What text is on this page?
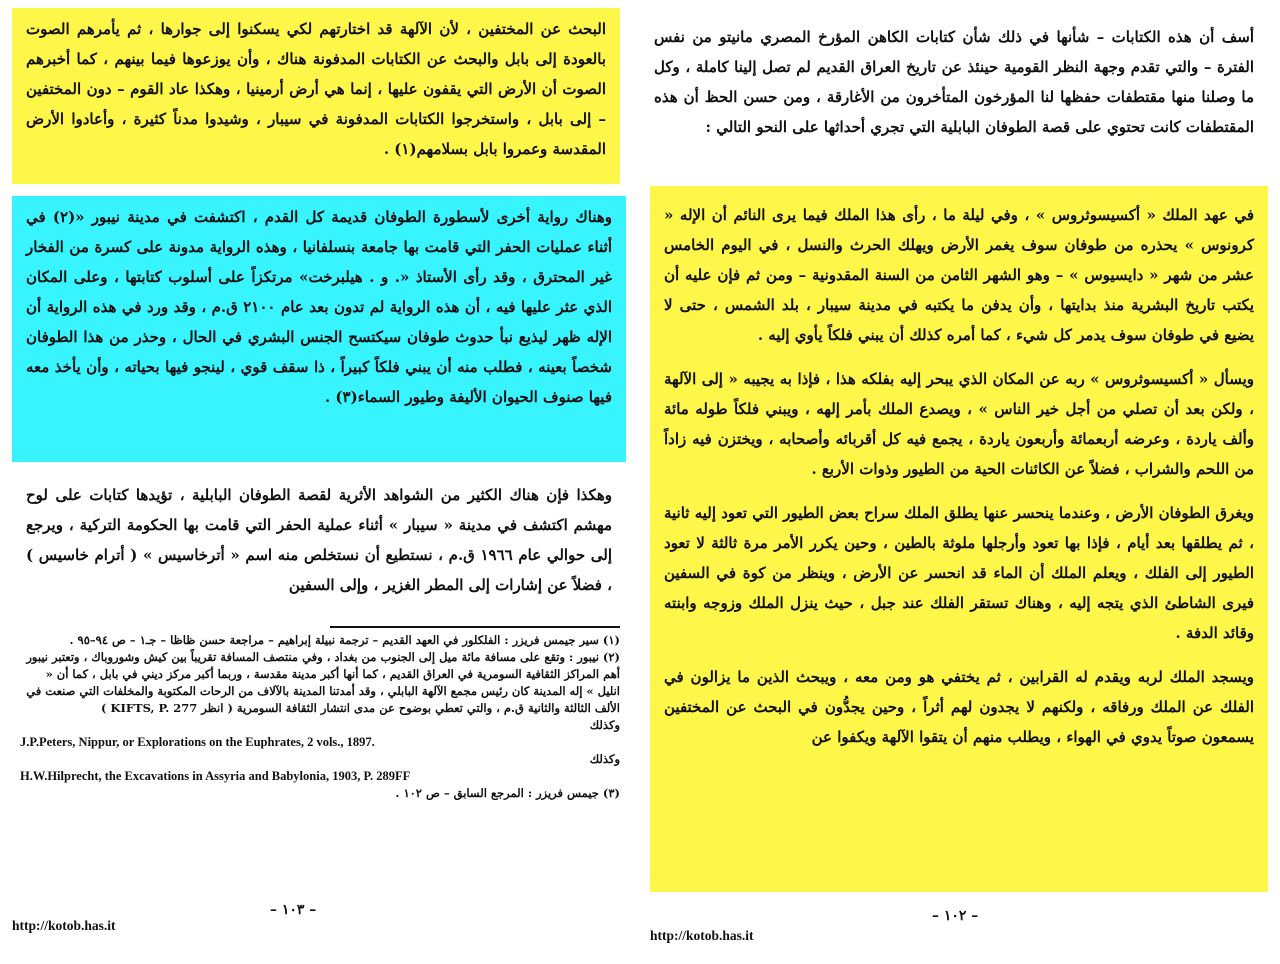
البحث عن المختفين ، لأن الآلهة قد اختارتهم لكي يسكنوا إلى جوارها ، ثم يأمرهم الصوت بالعودة إلى بابل والبحث عن الكتابات المدفونة هناك ، وأن يوزعوها فيما بينهم ، كما أخبرهم الصوت أن الأرض التي يقفون عليها ، إنما هي أرض أرمينيا ، وهكذا عاد القوم – دون المختفين – إلى بابل ، واستخرجوا الكتابات المدفونة في سيبار ، وشيدوا مدناً كثيرة ، وأعادوا الأرض المقدسة وعمروا بابل بسلامهم(١) .

وهناك رواية أخرى لأسطورة الطوفان قديمة كل القدم ، اكتشفت في مدينة نيبور «(٢) في أثناء عمليات الحفر التي قامت بها جامعة بنسلفانيا ، وهذه الرواية مدونة على كسرة من الفخار غير المحترق ، وقد رأى الأستاذ «. و . هيلبرخت» مرتكزاً على أسلوب كتابتها ، وعلى المكان الذي عثر عليها فيه ، أن هذه الرواية لم تدون بعد عام ٢١٠٠ ق.م ، وقد ورد في هذه الرواية أن الإله ظهر ليذيع نبأ حدوث طوفان سيكتسح الجنس البشري في الحال ، وحذر من هذا الطوفان شخصاً بعينه ، فطلب منه أن يبني فلكاً كبيراً ، ذا سقف قوي ، لينجو فيها بحياته ، وأن يأخذ معه فيها صنوف الحيوان الأليفة وطيور السماء(٣) .

وهكذا فإن هناك الكثير من الشواهد الأثرية لقصة الطوفان البابلية ، تؤيدها كتابات على لوح مهشم اكتشف في مدينة « سيبار » أثناء عملية الحفر التي قامت بها الحكومة التركية ، ويرجع إلى حوالي عام ١٩٦٦ ق.م ، نستطيع أن نستخلص منه اسم « أترخاسيس » ( أترام خاسيس ) ، فضلاً عن إشارات إلى المطر الغزير ، وإلى السفين

(١) سير جيمس فريزر : الفلكلور في العهد القديم – ترجمة نبيلة إبراهيم – مراجعة حسن ظاظا – جـ١ – ص ٩٤–٩٥ .

(٢) نيبور : وتقع على مسافة مائة ميل إلى الجنوب من بغداد ، وفي منتصف المسافة تقريباً بين كيش وشوروباك ، وتعتبر نيبور أهم المراكز الثقافية السومرية في العراق القديم ، كما أنها أكبر مدينة مقدسة ، وربما أكبر مركز ديني في بابل ، كما أن « انليل » إله المدينة كان رئيس مجمع الآلهة البابلي ، وقد أمدتنا المدينة بالآلاف من الرحات المكتوبة والمخلفات التي صنعت في الألف الثالثة والثانية ق.م ، والتي تعطي بوضوح عن مدى انتشار الثقافة السومرية ( انظر KIFTS, P. 277 )

وكذلك
J.P.Peters, Nippur, or Explorations on the Euphrates, 2 vols., 1897.

وكذلك
H.W.Hilprecht, the Excavations in Assyria and Babylonia, 1903, P. 289FF

(٣) جيمس فريزر : المرجع السابق – ص ١٠٢ .

– ١٠٣ –
http://kotob.has.it

أسف أن هذه الكتابات – شأنها في ذلك شأن كتابات الكاهن المؤرخ المصري مانيتو من نفس الفترة – والتي تقدم وجهة النظر القومية حينئذ عن تاريخ العراق القديم لم تصل إلينا كاملة ، وكل ما وصلنا منها مقتطفات حفظها لنا المؤرخون المتأخرون من الأغارقة ، ومن حسن الحظ أن هذه المقتطفات كانت تحتوي على قصة الطوفان البابلية التي تجري أحداثها على النحو التالي :

في عهد الملك « أكسيسوثروس » ، وفي ليلة ما ، رأى هذا الملك فيما يرى النائم أن الإله « كرونوس » يحذره من طوفان سوف يغمر الأرض ويهلك الحرث والنسل ، في اليوم الخامس عشر من شهر « دايسيوس » – وهو الشهر الثامن من السنة المقدونية – ومن ثم فإن عليه أن يكتب تاريخ البشرية منذ بدايتها ، وأن يدفن ما يكتبه في مدينة سيبار ، بلد الشمس ، حتى لا يضيع في طوفان سوف يدمر كل شيء ، كما أمره كذلك أن يبني فلكاً يأوي إليه .

ويسأل « أكسيسوثروس » ربه عن المكان الذي يبحر إليه بفلكه هذا ، فإذا به يجيبه « إلى الآلهة ، ولكن بعد أن تصلي من أجل خير الناس » ، ويصدع الملك بأمر إلهه ، ويبني فلكاً طوله مائة وألف ياردة ، وعرضه أربعمائة وأربعون ياردة ، يجمع فيه كل أقربائه وأصحابه ، ويختزن فيه زاداً من اللحم والشراب ، فضلاً عن الكائنات الحية من الطيور وذوات الأربع .

ويغرق الطوفان الأرض ، وعندما ينحسر عنها يطلق الملك سراح بعض الطيور التي تعود إليه ثانية ، ثم يطلقها بعد أيام ، فإذا بها تعود وأرجلها ملوثة بالطين ، وحين يكرر الأمر مرة ثالثة لا تعود الطيور إلى الفلك ، ويعلم الملك أن الماء قد انحسر عن الأرض ، وينظر من كوة في السفين فيرى الشاطئ الذي يتجه إليه ، وهناك تستقر الفلك عند جبل ، حيث ينزل الملك وزوجه وابنته وقائد الدفة .

ويسجد الملك لربه ويقدم له القرابين ، ثم يختفي هو ومن معه ، ويبحث الذين ما يزالون في الفلك عن الملك ورفاقه ، ولكنهم لا يجدون لهم أثراً ، وحين يجدُّون في البحث عن المختفين يسمعون صوتاً يدوي في الهواء ، ويطلب منهم أن يتقوا الآلهة ويكفوا عن

– ١٠٢ –
http://kotob.has.it
